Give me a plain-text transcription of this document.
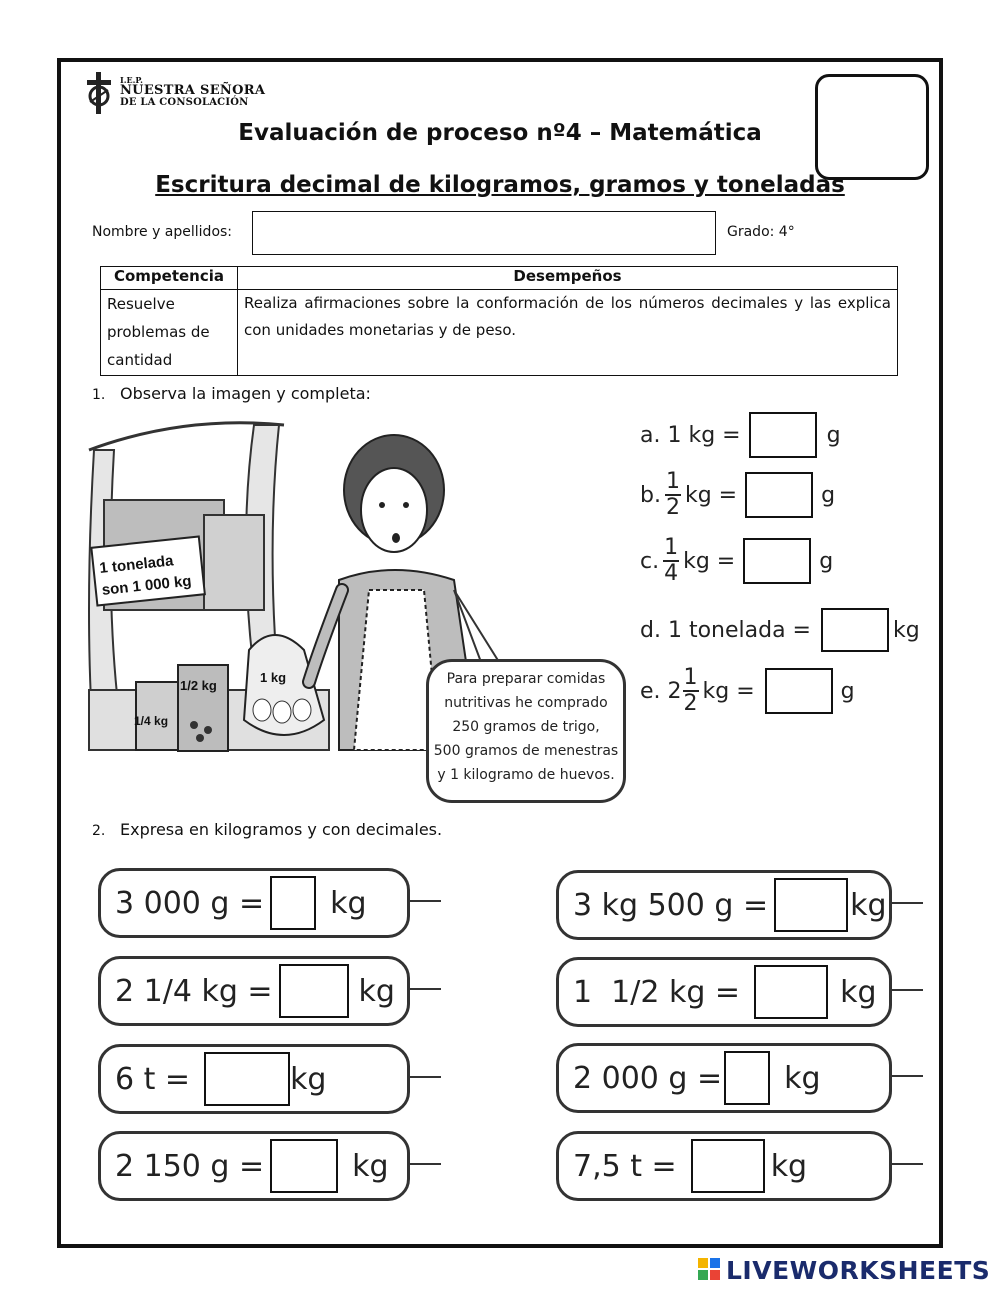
I.E.P.
NUESTRA SEÑORA
DE LA CONSOLACIÓN
Evaluación de proceso nº4 – Matemática
Escritura decimal de kilogramos, gramos y toneladas
Nombre y apellidos:	Grado: 4°
Competencia	Desempeños

Resuelve
problemas de
cantidad	Realiza afirmaciones sobre la conformación de los números decimales y las explica con unidades monetarias y de peso.
1. Observa la imagen y completa:
1 tonelada
son 1 000 kg
1/4 kg
1/2 kg
1 kg	Para preparar comidas
nutritivas he comprado
250 gramos de trigo,
500 gramos de menestras
y 1 kilogramo de huevos.
a.
1 kg =	g
b. $\frac{1}{2}$ kg =	g
c. $\frac{1}{4}$ kg =	g
d.
1 tonelada =	kg
e.
$2 \frac{1}{2}$ kg =	g
2. Expresa en kilogramos y con decimales.
3 000 g = kg
2 1/4 kg =	kg
6 t =	kg
2 150 g =	kg
3 kg 500 g =	kg
1  1/2 kg =	kg
2 000 g = kg
7,5 t =	kg
LIVEWORKSHEETS
